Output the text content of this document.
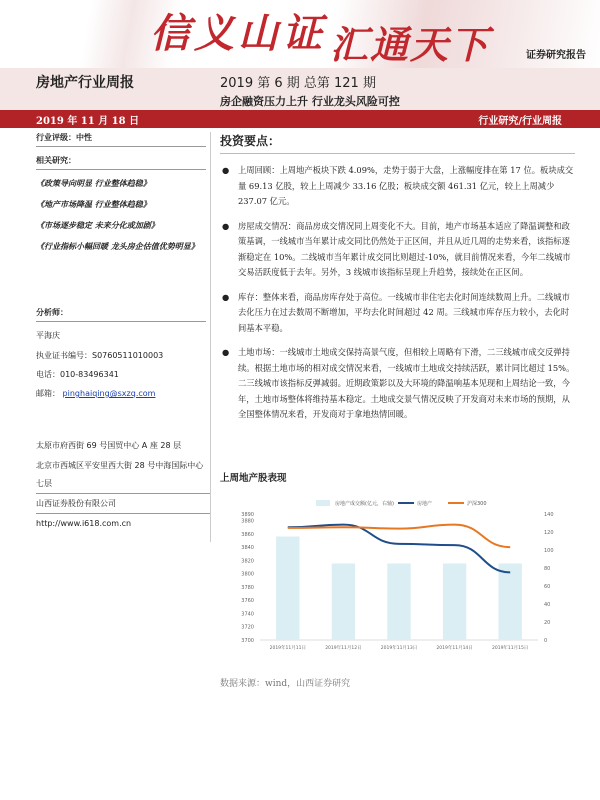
信义山证 汇通天下	证券研究报告
房地产行业周报	2019 第 6 期 总第 121 期
房企融资压力上升 行业龙头风险可控
2019 年 11 月 18 日	行业研究/行业周报
行业评级：中性
相关研究：
《政策导向明显 行业整体趋稳》
《地产市场降温 行业整体趋稳》
《市场逐步稳定 未来分化或加剧》
《行业指标小幅回暖 龙头房企估值优势明显》
分析师：
平海庆
执业证书编号：S0760511010003
电话：010-83496341
邮箱： pinghaiqing@sxzq.com
太原市府西街 69 号国贸中心 A 座 28 层
北京市西城区平安里西大街 28 号中海国际中心七层
山西证券股份有限公司
http://www.i618.com.cn
投资要点：
● 上周回顾：上周地产板块下跌 4.09%，走势于弱于大盘，上涨幅度排在第 17 位。板块成交量 69.13 亿股，较上上周减少 33.16 亿股；板块成交额 461.31 亿元，较上上周减少 237.07 亿元。
● 房屋成交情况：商品房成交情况同上周变化不大。目前，地产市场基本适应了降温调整和政策基调，一线城市当年累计成交同比仍然处于正区间，并且从近几周的走势来看，该指标逐渐稳定在 10%。二线城市当年累计成交同比则超过-10%，就目前情况来看，今年二线城市交易活跃度低于去年。另外，3 线城市该指标呈现上升趋势，接续处在正区间。
● 库存：整体来看，商品房库存处于高位。一线城市非住宅去化时间连续数周上升。二线城市去化压力在过去数周不断增加，平均去化时间超过 42 周。三线城市库存压力较小，去化时间基本平稳。
● 土地市场：一线城市土地成交保持高景气度，但相较上周略有下滑，二三线城市成交反弹持续。根据土地市场的相对成交情况来看，一线城市土地成交持续活跃，累计同比超过 15%。二三线城市该指标反弹减弱。近期政策影以及大环境的降温响基本见现和上周结论一致，今年，土地市场整体将维持基本稳定。土地成交景气情况反映了开发商对未来市场的预期，从全国整体情况来看，开发商对于拿地热情回暖。
上周地产股表现
3700
3720
3740
3760
3780
3800
3820
3840
3860
3880
3890
0
20
40
60
80
100
120
140
2019年11月11日	2019年11月12日	2019年11月13日	2019年11月14日	2019年11月15日
房地产成交额(亿元，右轴)	房地产	沪深300
数据来源：wind，山西证券研究
